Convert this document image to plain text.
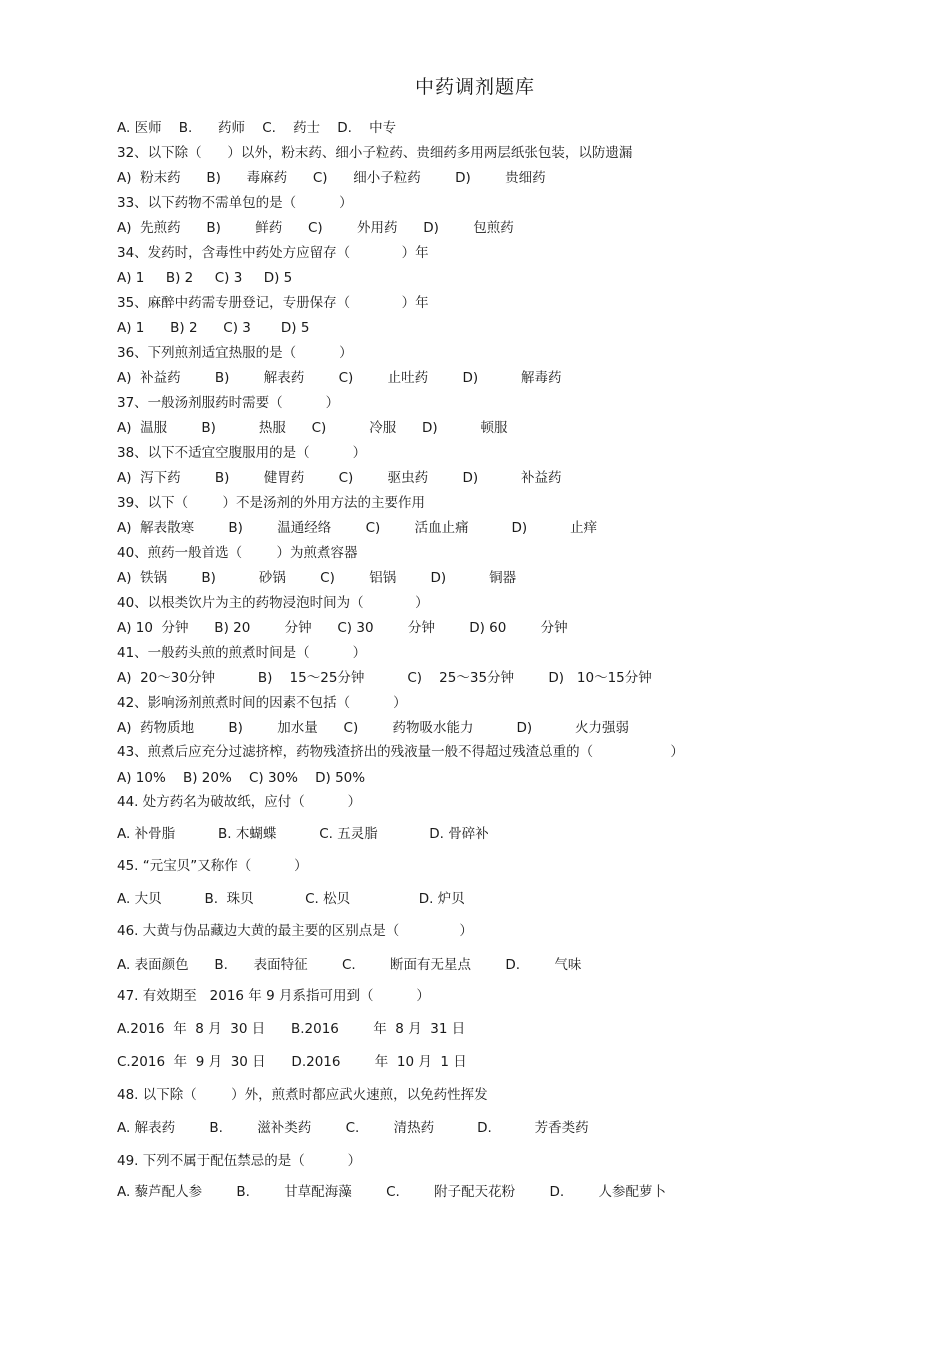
中药调剂题库
A. 医师    B.      药师    C.    药士    D.    中专
32、以下除（      ）以外，粉末药、细小子粒药、贵细药多用两层纸张包装，以防遗漏
A)  粉末药      B)      毒麻药      C)      细小子粒药        D)        贵细药
33、以下药物不需单包的是（          ）
A)  先煎药      B)        鲜药      C)        外用药      D)        包煎药
34、发药时，含毒性中药处方应留存（            ）年
A) 1     B) 2     C) 3     D) 5
35、麻醉中药需专册登记，专册保存（            ）年
A) 1      B) 2      C) 3       D) 5
36、下列煎剂适宜热服的是（          ）
A)  补益药        B)        解表药        C)        止吐药        D)          解毒药
37、一般汤剂服药时需要（          ）
A)  温服        B)          热服      C)          冷服      D)          顿服
38、以下不适宜空腹服用的是（          ）
A)  泻下药        B)        健胃药        C)        驱虫药        D)          补益药
39、以下（        ）不是汤剂的外用方法的主要作用
A)  解表散寒        B)        温通经络        C)        活血止痛          D)          止痒
40、煎药一般首选（        ）为煎煮容器
A)  铁锅        B)          砂锅        C)        铝锅        D)          铜器
40、以根类饮片为主的药物浸泡时间为（            ）
A) 10  分钟      B) 20        分钟      C) 30        分钟        D) 60        分钟
41、一般药头煎的煎煮时间是（          ）
A)  20～30分钟          B)    15～25分钟          C)    25～35分钟        D)   10～15分钟
42、影响汤剂煎煮时间的因素不包括（          ）
A)  药物质地        B)        加水量      C)        药物吸水能力          D)          火力强弱
43、煎煮后应充分过滤挤榨，药物残渣挤出的残液量一般不得超过残渣总重的（                  ）
A) 10%    B) 20%    C) 30%    D) 50%
44. 处方药名为破故纸，应付（          ）
A. 补骨脂          B. 木蝴蝶          C. 五灵脂            D. 骨碎补
45. “元宝贝”又称作（          ）
A. 大贝          B.  珠贝            C. 松贝                D. 炉贝
46. 大黄与伪品藏边大黄的最主要的区别点是（              ）
A. 表面颜色      B.      表面特征        C.        断面有无星点        D.        气味
47. 有效期至   2016 年 9 月系指可用到（          ）
A.2016  年  8 月  30 日      B.2016        年  8 月  31 日
C.2016  年  9 月  30 日      D.2016        年  10 月  1 日
48. 以下除（        ）外，煎煮时都应武火速煎，以免药性挥发
A. 解表药        B.        滋补类药        C.        清热药          D.          芳香类药
49. 下列不属于配伍禁忌的是（          ）
A. 藜芦配人参        B.        甘草配海藻        C.        附子配天花粉        D.        人参配萝卜
